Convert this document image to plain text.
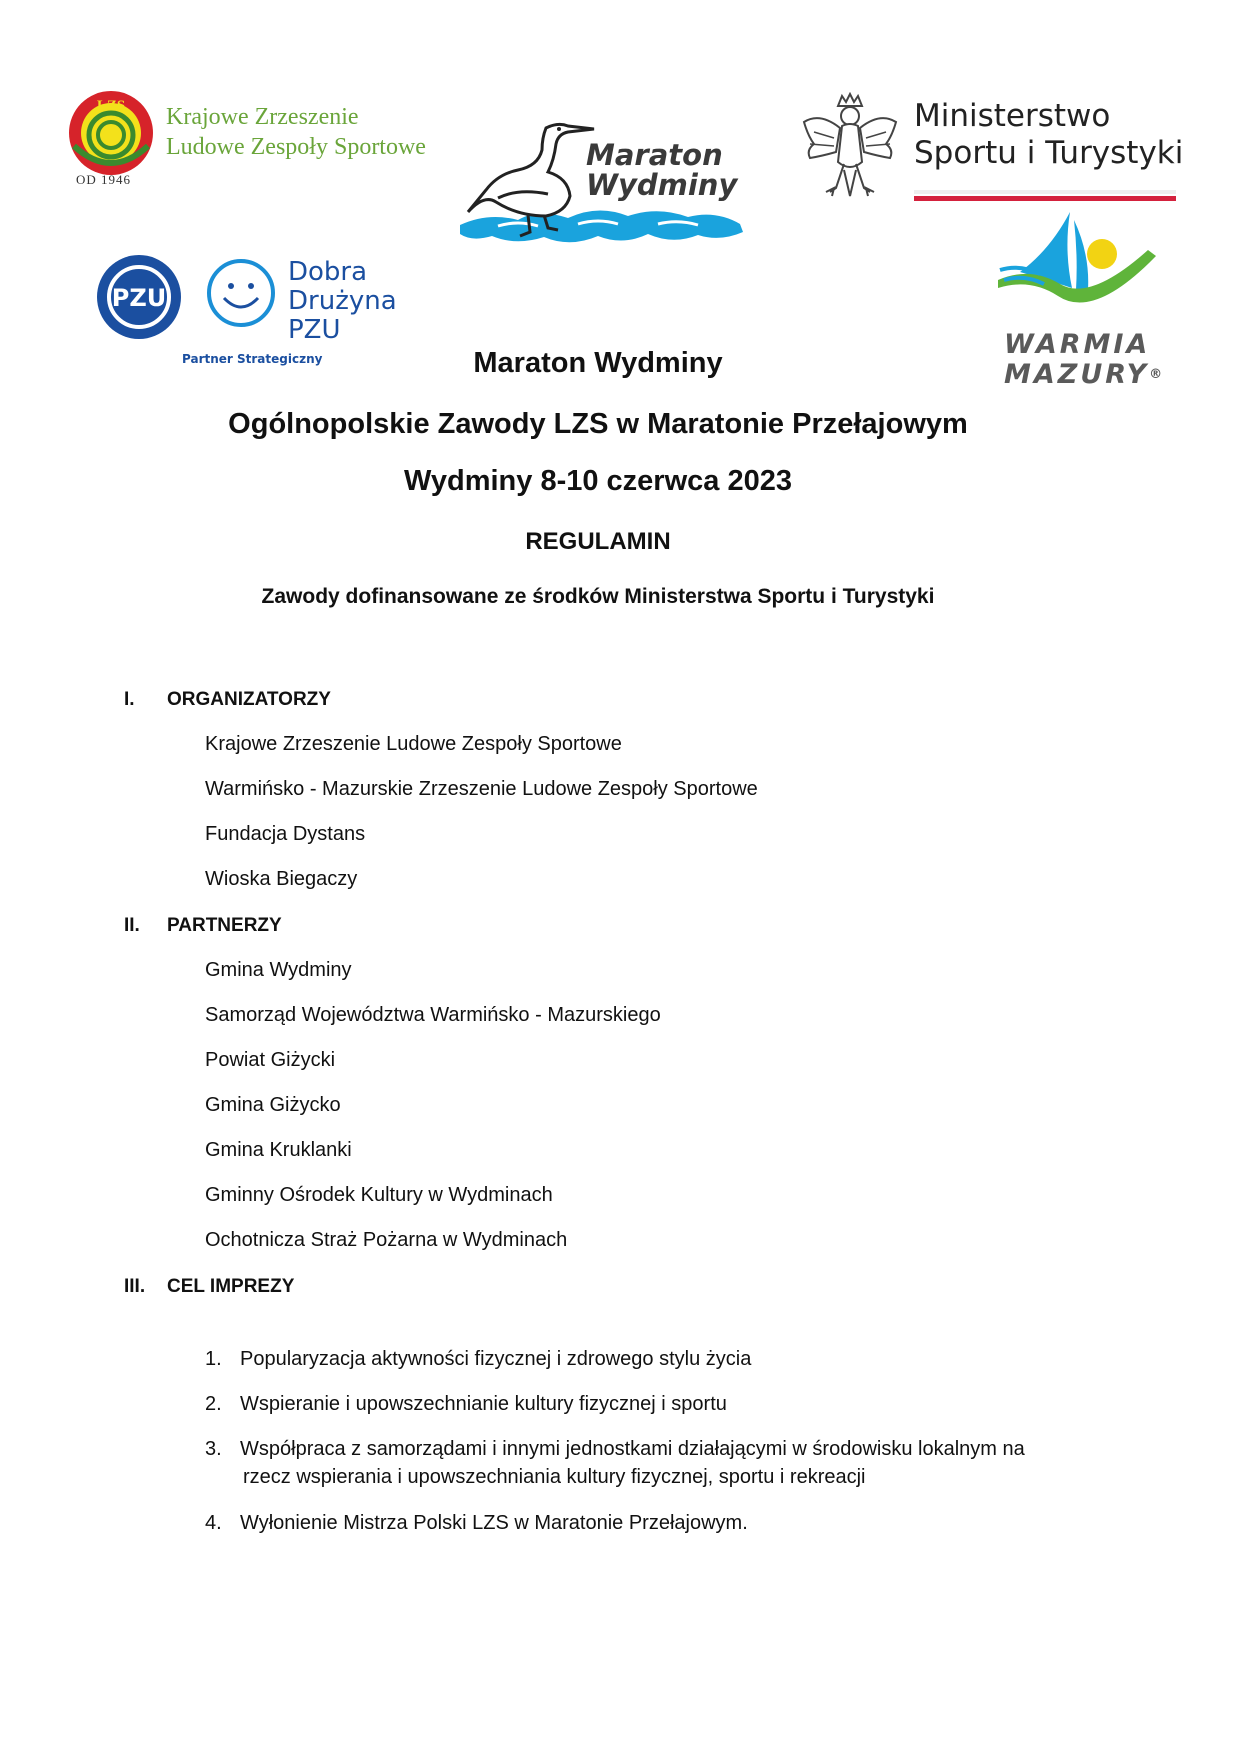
LZS Krajowe Zrzeszenie
Ludowe Zespoły Sportowe
OD 1946
Maraton
Wydminy
Ministerstwo
Sportu i Turystyki
PZU
Dobra
Drużyna
PZU
Partner Strategiczny	WARMIA
MAZURY®
Maraton Wydminy
Ogólnopolskie Zawody LZS w Maratonie Przełajowym
Wydminy 8-10 czerwca 2023
REGULAMIN
Zawody dofinansowane ze środków Ministerstwa Sportu i Turystyki
I. ORGANIZATORZY
Krajowe Zrzeszenie Ludowe Zespoły Sportowe
Warmińsko - Mazurskie Zrzeszenie Ludowe Zespoły Sportowe
Fundacja Dystans
Wioska Biegaczy
II. PARTNERZY
Gmina Wydminy
Samorząd Województwa Warmińsko - Mazurskiego
Powiat Giżycki
Gmina Giżycko
Gmina Kruklanki
Gminny Ośrodek Kultury w Wydminach
Ochotnicza Straż Pożarna w Wydminach
III. CEL IMPREZY
1. Popularyzacja aktywności fizycznej i zdrowego stylu życia
2. Wspieranie i upowszechnianie kultury fizycznej i sportu
3. Współpraca z samorządami i innymi jednostkami działającymi w środowisku lokalnym na
rzecz wspierania i upowszechniania kultury fizycznej, sportu i rekreacji
4. Wyłonienie Mistrza Polski LZS w Maratonie Przełajowym.
